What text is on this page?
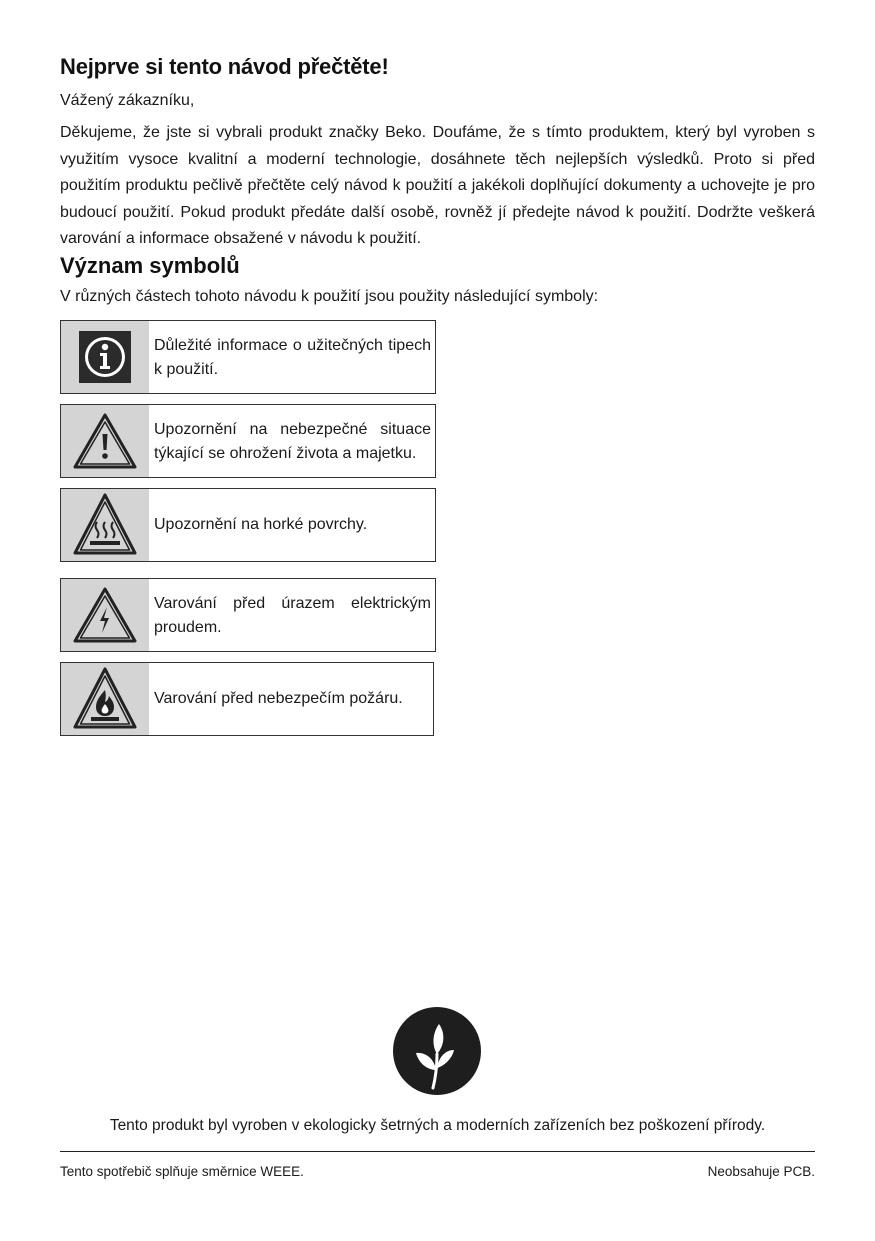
Nejprve si tento návod přečtěte!
Vážený zákazníku,
Děkujeme, že jste si vybrali produkt značky Beko. Doufáme, že s tímto produktem, který byl vyroben s využitím vysoce kvalitní a moderní technologie, dosáhnete těch nejlepších výsledků. Proto si před použitím produktu pečlivě přečtěte celý návod k použití a jakékoli doplňující dokumenty a uchovejte je pro budoucí použití. Pokud produkt předáte další osobě, rovněž jí předejte návod k použití. Dodržte veškerá varování a informace obsažené v návodu k použití.
Význam symbolů
V různých částech tohoto návodu k použití jsou použity následující symboly:
Důležité informace o užitečných tipech k použití.
Upozornění na nebezpečné situace týkající se ohrožení života a majetku.
Upozornění na horké povrchy.
Varování před úrazem elektrickým proudem.
Varování před nebezpečím požáru.
Tento produkt byl vyroben v ekologicky šetrných a moderních zařízeních bez poškození přírody.
Tento spotřebič splňuje směrnice WEEE.	Neobsahuje PCB.
